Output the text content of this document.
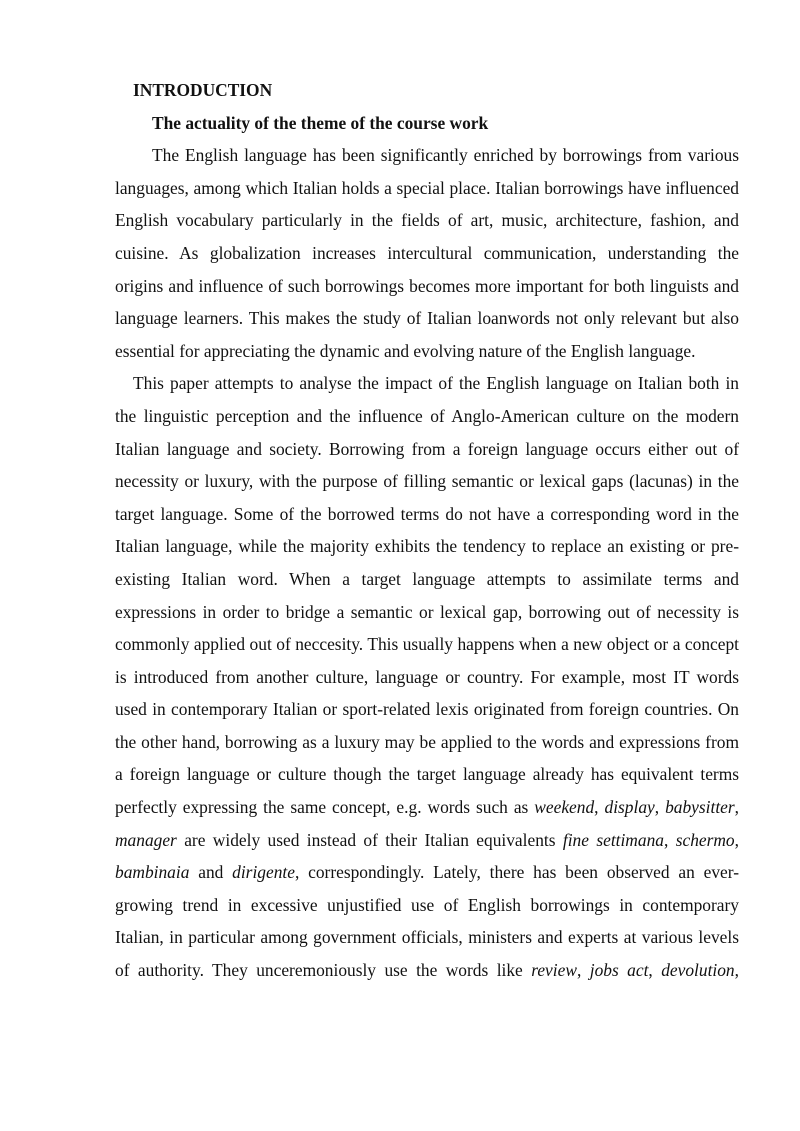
INTRODUCTION
The actuality of the theme of the course work

The English language has been significantly enriched by borrowings from various languages, among which Italian holds a special place. Italian borrowings have influenced English vocabulary particularly in the fields of art, music, architecture, fashion, and cuisine. As globalization increases intercultural communication, understanding the origins and influence of such borrowings becomes more important for both linguists and language learners. This makes the study of Italian loanwords not only relevant but also essential for appreciating the dynamic and evolving nature of the English language.

This paper attempts to analyse the impact of the English language on Italian both in the linguistic perception and the influence of Anglo-American culture on the modern Italian language and society. Borrowing from a foreign language occurs either out of necessity or luxury, with the purpose of filling semantic or lexical gaps (lacunas) in the target language. Some of the borrowed terms do not have a corresponding word in the Italian language, while the majority exhibits the tendency to replace an existing or pre-existing Italian word. When a target language attempts to assimilate terms and expressions in order to bridge a semantic or lexical gap, borrowing out of necessity is commonly applied out of neccesity. This usually happens when a new object or a concept is introduced from another culture, language or country. For example, most IT words used in contemporary Italian or sport-related lexis originated from foreign countries. On the other hand, borrowing as a luxury may be applied to the words and expressions from a foreign language or culture though the target language already has equivalent terms perfectly expressing the same concept, e.g. words such as weekend, display, babysitter, manager are widely used instead of their Italian equivalents fine settimana, schermo, bambinaia and dirigente, correspondingly. Lately, there has been observed an ever-growing trend in excessive unjustified use of English borrowings in contemporary Italian, in particular among government officials, ministers and experts at various levels of authority. They unceremoniously use the words like review, jobs act, devolution,
